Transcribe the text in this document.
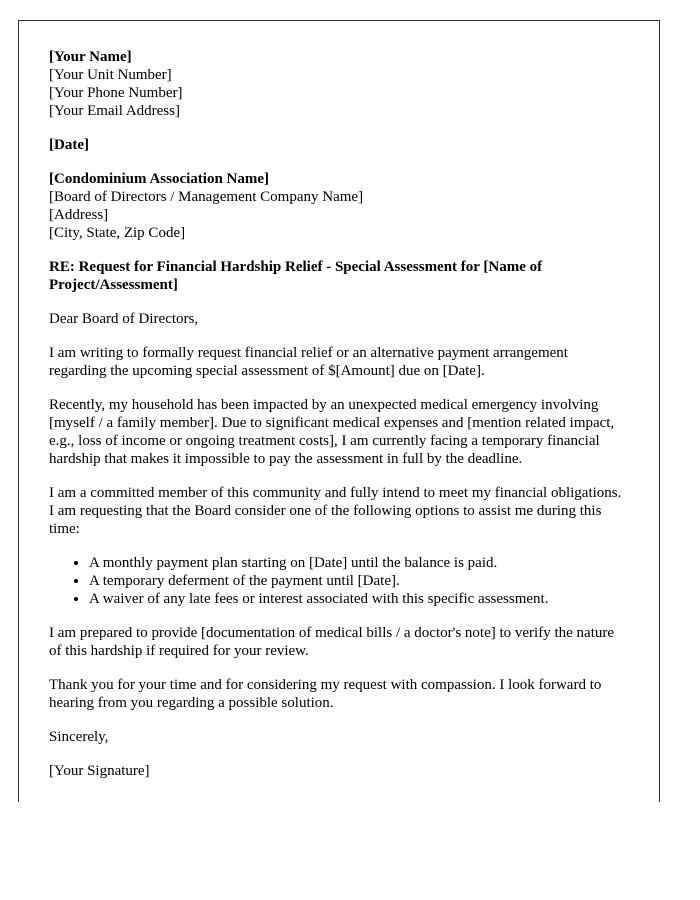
[Your Name]
[Your Unit Number]
[Your Phone Number]
[Your Email Address]
[Date]
[Condominium Association Name]
[Board of Directors / Management Company Name]
[Address]
[City, State, Zip Code]

RE: Request for Financial Hardship Relief - Special Assessment for [Name of Project/Assessment]

Dear Board of Directors,

I am writing to formally request financial relief or an alternative payment arrangement regarding the upcoming special assessment of $[Amount] due on [Date].

Recently, my household has been impacted by an unexpected medical emergency involving [myself / a family member]. Due to significant medical expenses and [mention related impact, e.g., loss of income or ongoing treatment costs], I am currently facing a temporary financial hardship that makes it impossible to pay the assessment in full by the deadline.

I am a committed member of this community and fully intend to meet my financial obligations. I am requesting that the Board consider one of the following options to assist me during this time:

• A monthly payment plan starting on [Date] until the balance is paid.
• A temporary deferment of the payment until [Date].
• A waiver of any late fees or interest associated with this specific assessment.

I am prepared to provide [documentation of medical bills / a doctor's note] to verify the nature of this hardship if required for your review.

Thank you for your time and for considering my request with compassion. I look forward to hearing from you regarding a possible solution.

Sincerely,

[Your Signature]
